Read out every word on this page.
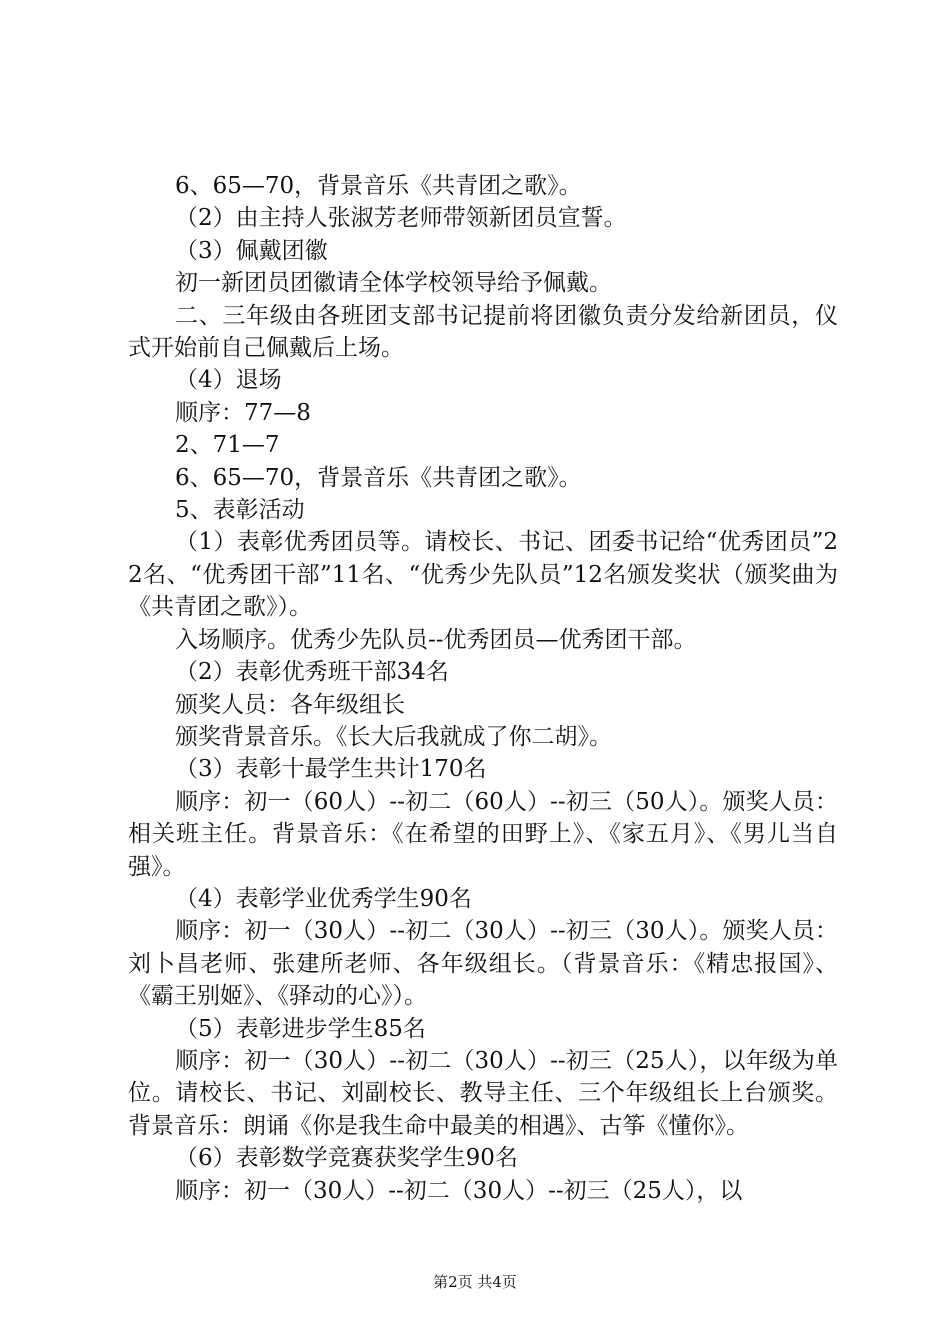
6、65—70，背景音乐《共青团之歌》。

（2）由主持人张淑芳老师带领新团员宣誓。

（3）佩戴团徽

初一新团员团徽请全体学校领导给予佩戴。

二、三年级由各班团支部书记提前将团徽负责分发给新团员，仪式开始前自己佩戴后上场。

（4）退场

顺序：77—8

2、71—7

6、65—70，背景音乐《共青团之歌》。

5、表彰活动

（1）表彰优秀团员等。请校长、书记、团委书记给“优秀团员”22名、“优秀团干部”11名、“优秀少先队员”12名颁发奖状（颁奖曲为《共青团之歌》）。

入场顺序。优秀少先队员--优秀团员—优秀团干部。

（2）表彰优秀班干部34名

颁奖人员：各年级组长

颁奖背景音乐。《长大后我就成了你二胡》。

（3）表彰十最学生共计170名

顺序：初一（60人）--初二（60人）--初三（50人）。颁奖人员：相关班主任。背景音乐：《在希望的田野上》、《家五月》、《男儿当自强》。

（4）表彰学业优秀学生90名

顺序：初一（30人）--初二（30人）--初三（30人）。颁奖人员：刘卜昌老师、张建所老师、各年级组长。（背景音乐：《精忠报国》、《霸王别姬》、《驿动的心》）。

（5）表彰进步学生85名

顺序：初一（30人）--初二（30人）--初三（25人），以年级为单位。请校长、书记、刘副校长、教导主任、三个年级组长上台颁奖。背景音乐：朗诵《你是我生命中最美的相遇》、古筝《懂你》。

（6）表彰数学竞赛获奖学生90名

顺序：初一（30人）--初二（30人）--初三（25人），以

第2页 共4页
